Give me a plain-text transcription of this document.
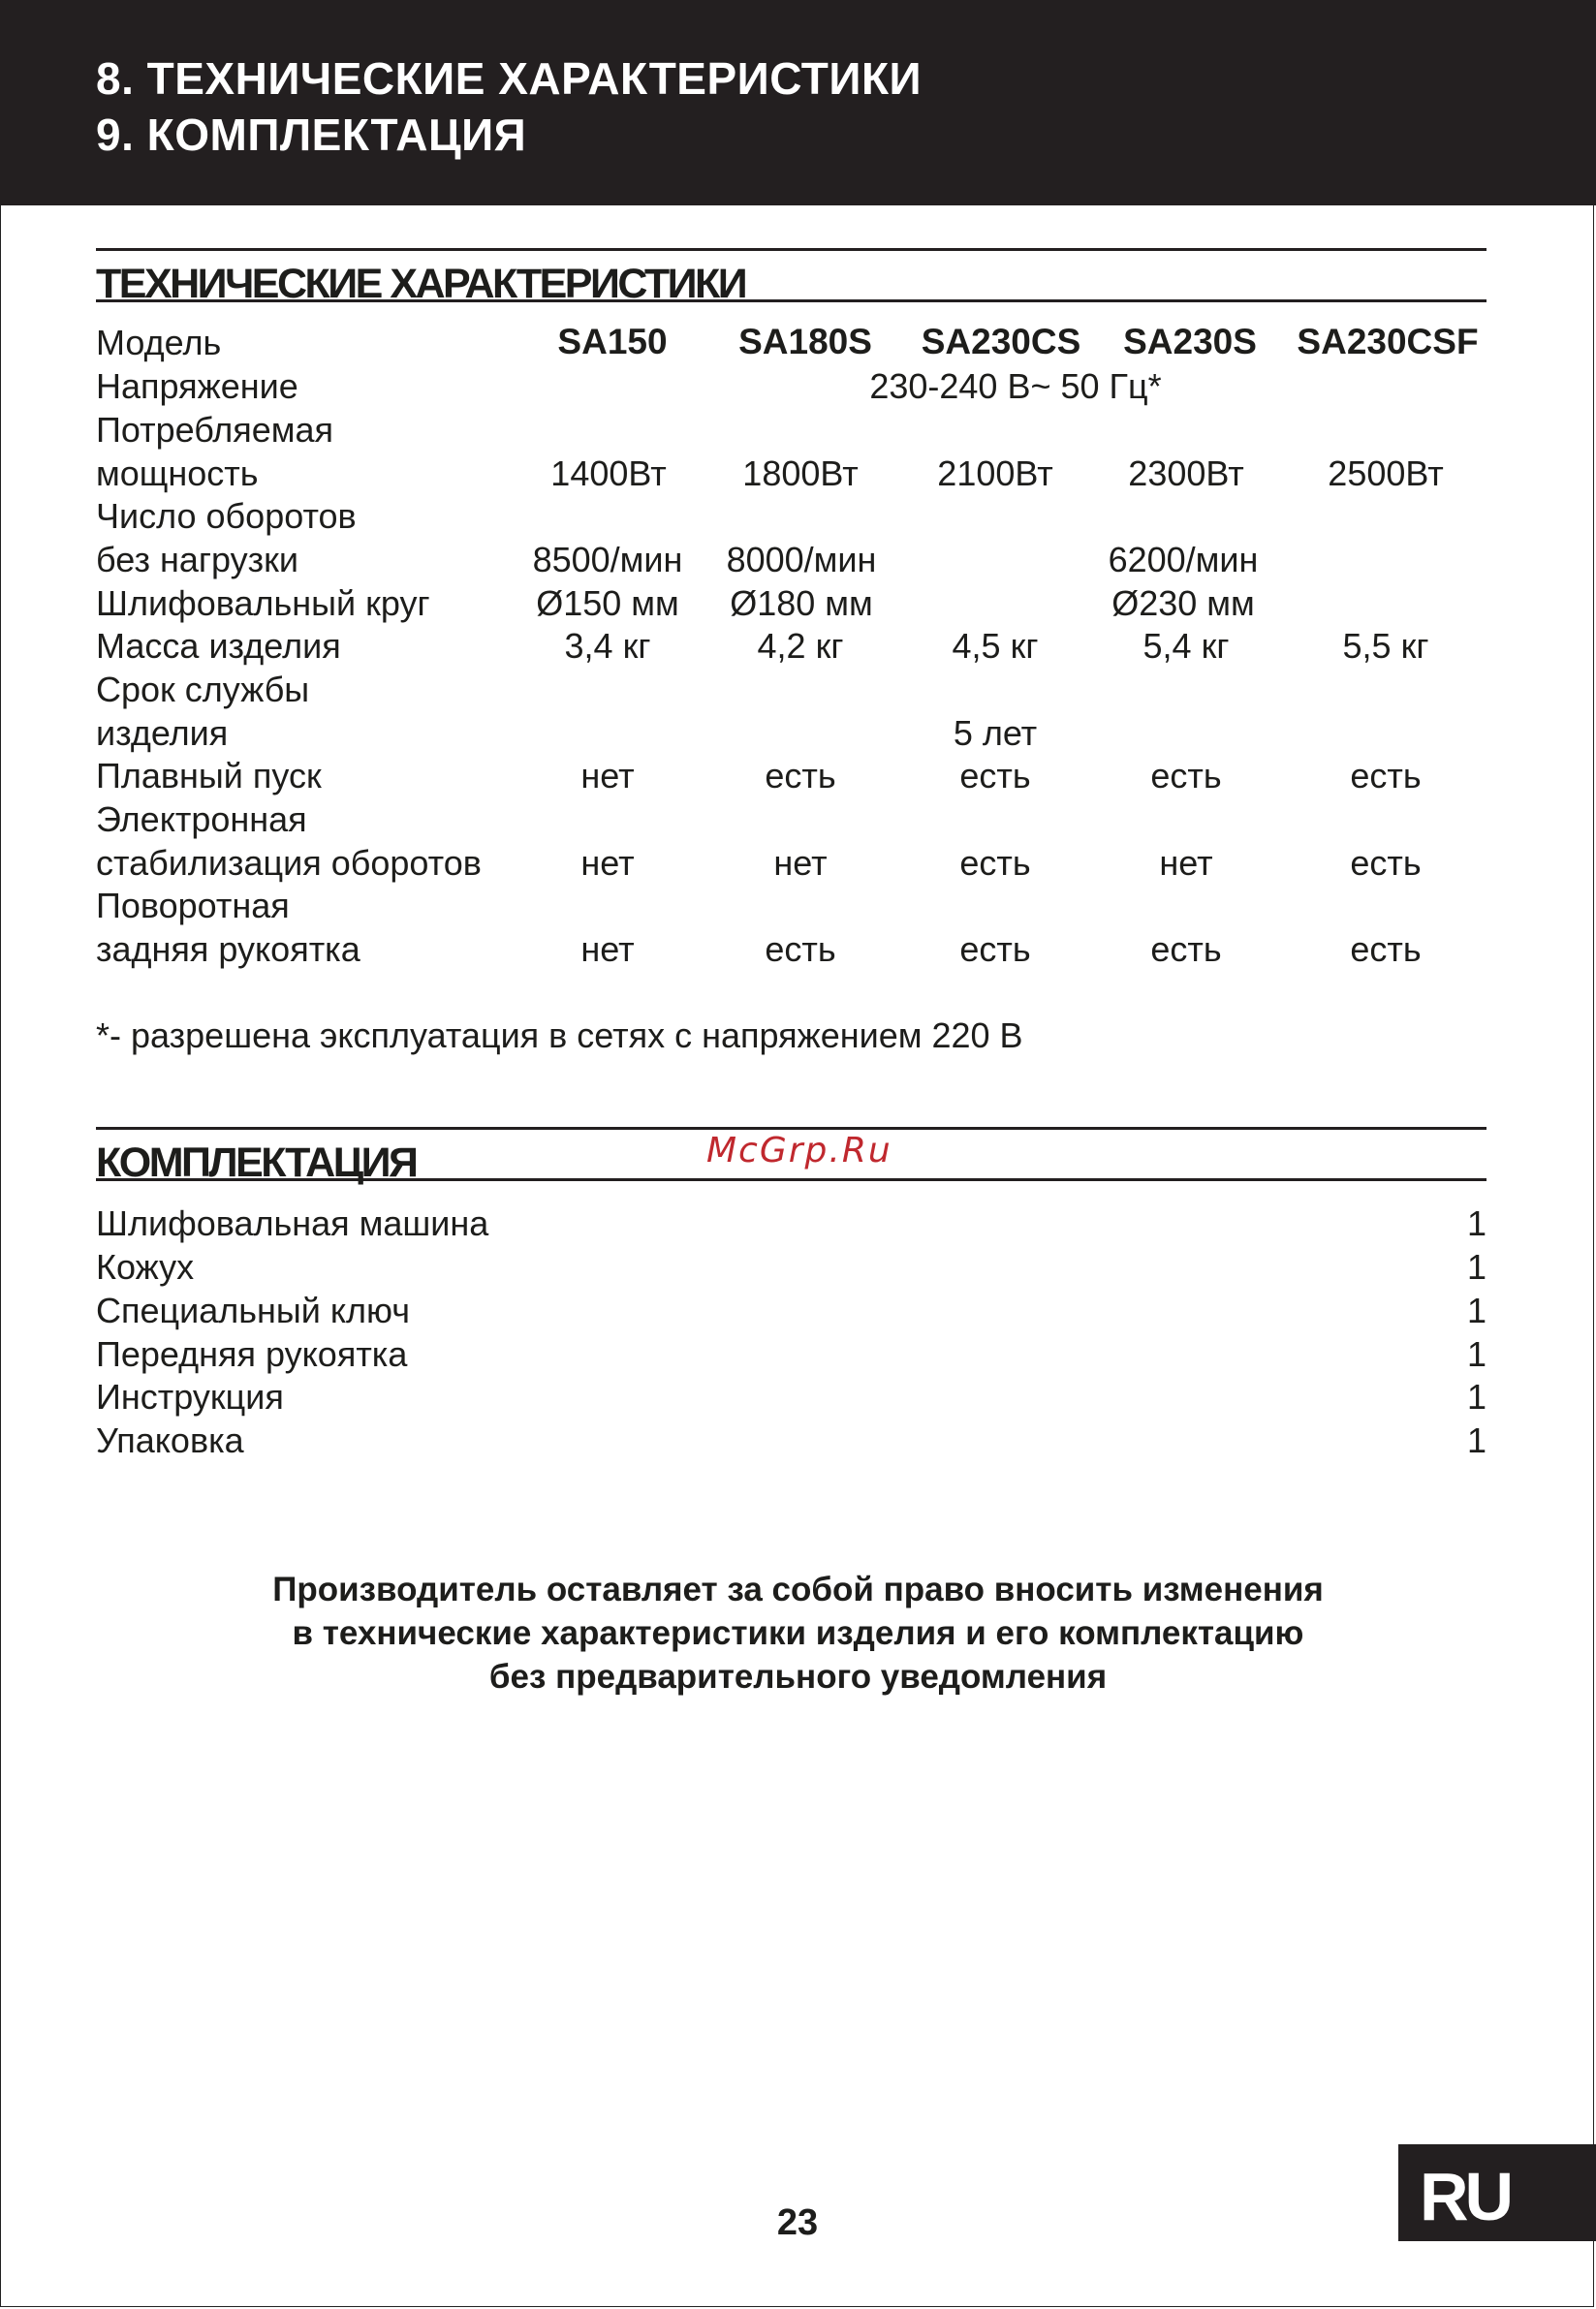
8. ТЕХНИЧЕСКИЕ ХАРАКТЕРИСТИКИ
9. КОМПЛЕКТАЦИЯ
ТЕХНИЧЕСКИЕ ХАРАКТЕРИСТИКИ
Модель	SA150 SA180S SA230CS SA230S SA230CSF
Напряжение	230-240 В~ 50 Гц*
Потребляемая
мощность	1400Вт 1800Вт 2100Вт 2300Вт 2500Вт
Число оборотов
без нагрузки	8500/мин 8000/мин	6200/мин
Шлифовальный круг	Ø150 мм Ø180 мм	Ø230 мм
Масса изделия	3,4 кг	4,2 кг	4,5 кг	5,4 кг	5,5 кг
Срок службы
изделия	5 лет
Плавный пуск	нет	есть	есть	есть	есть
Электронная
стабилизация оборотов	нет	нет	есть	нет	есть
Поворотная
задняя рукоятка	нет	есть	есть	есть	есть
*- разрешена эксплуатация в сетях с напряжением 220 В
КОМПЛЕКТАЦИЯ	McGrp.Ru
Шлифовальная машина	1
Кожух	1
Специальный ключ	1
Передняя рукоятка	1
Инструкция	1
Упаковка	1
Производитель оставляет за собой право вносить изменения
в технические характеристики изделия и его комплектацию
без предварительного уведомления
23	RU
